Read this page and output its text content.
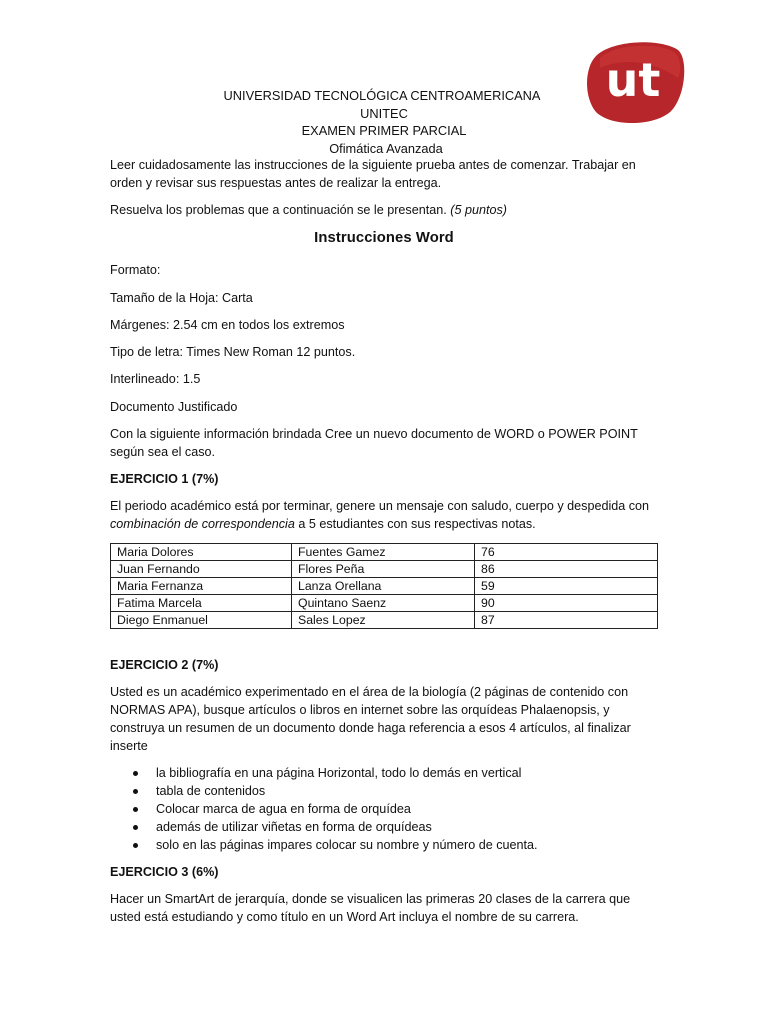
ut
UNIVERSIDAD TECNOLÓGICA CENTROAMERICANA
UNITEC
EXAMEN PRIMER PARCIAL
Ofimática Avanzada

Leer cuidadosamente las instrucciones de la siguiente prueba antes de comenzar. Trabajar en orden y revisar sus respuestas antes de realizar la entrega.

Resuelva los problemas que a continuación se le presentan. (5 puntos)

Instrucciones Word

Formato:

Tamaño de la Hoja: Carta

Márgenes: 2.54 cm en todos los extremos

Tipo de letra: Times New Roman 12 puntos.

Interlineado: 1.5

Documento Justificado

Con la siguiente información brindada Cree un nuevo documento de WORD o POWER POINT según sea el caso.

EJERCICIO 1 (7%)

El periodo académico está por terminar, genere un mensaje con saludo, cuerpo y despedida con combinación de correspondencia a 5 estudiantes con sus respectivas notas.

Maria Dolores	Fuentes Gamez	76
Juan Fernando	Flores Peña	86
Maria Fernanza	Lanza Orellana	59
Fatima Marcela	Quintano Saenz	90
Diego Enmanuel	Sales Lopez	87

EJERCICIO 2 (7%)

Usted es un académico experimentado en el área de la biología (2 páginas de contenido con NORMAS APA), busque artículos o libros en internet sobre las orquídeas Phalaenopsis, y construya un resumen de un documento donde haga referencia a esos 4 artículos, al finalizar inserte

la bibliografía en una página Horizontal, todo lo demás en vertical
tabla de contenidos
Colocar marca de agua en forma de orquídea
además de utilizar viñetas en forma de orquídeas
solo en las páginas impares colocar su nombre y número de cuenta.

EJERCICIO 3 (6%)

Hacer un SmartArt de jerarquía, donde se visualicen las primeras 20 clases de la carrera que usted está estudiando y como título en un Word Art incluya el nombre de su carrera.
